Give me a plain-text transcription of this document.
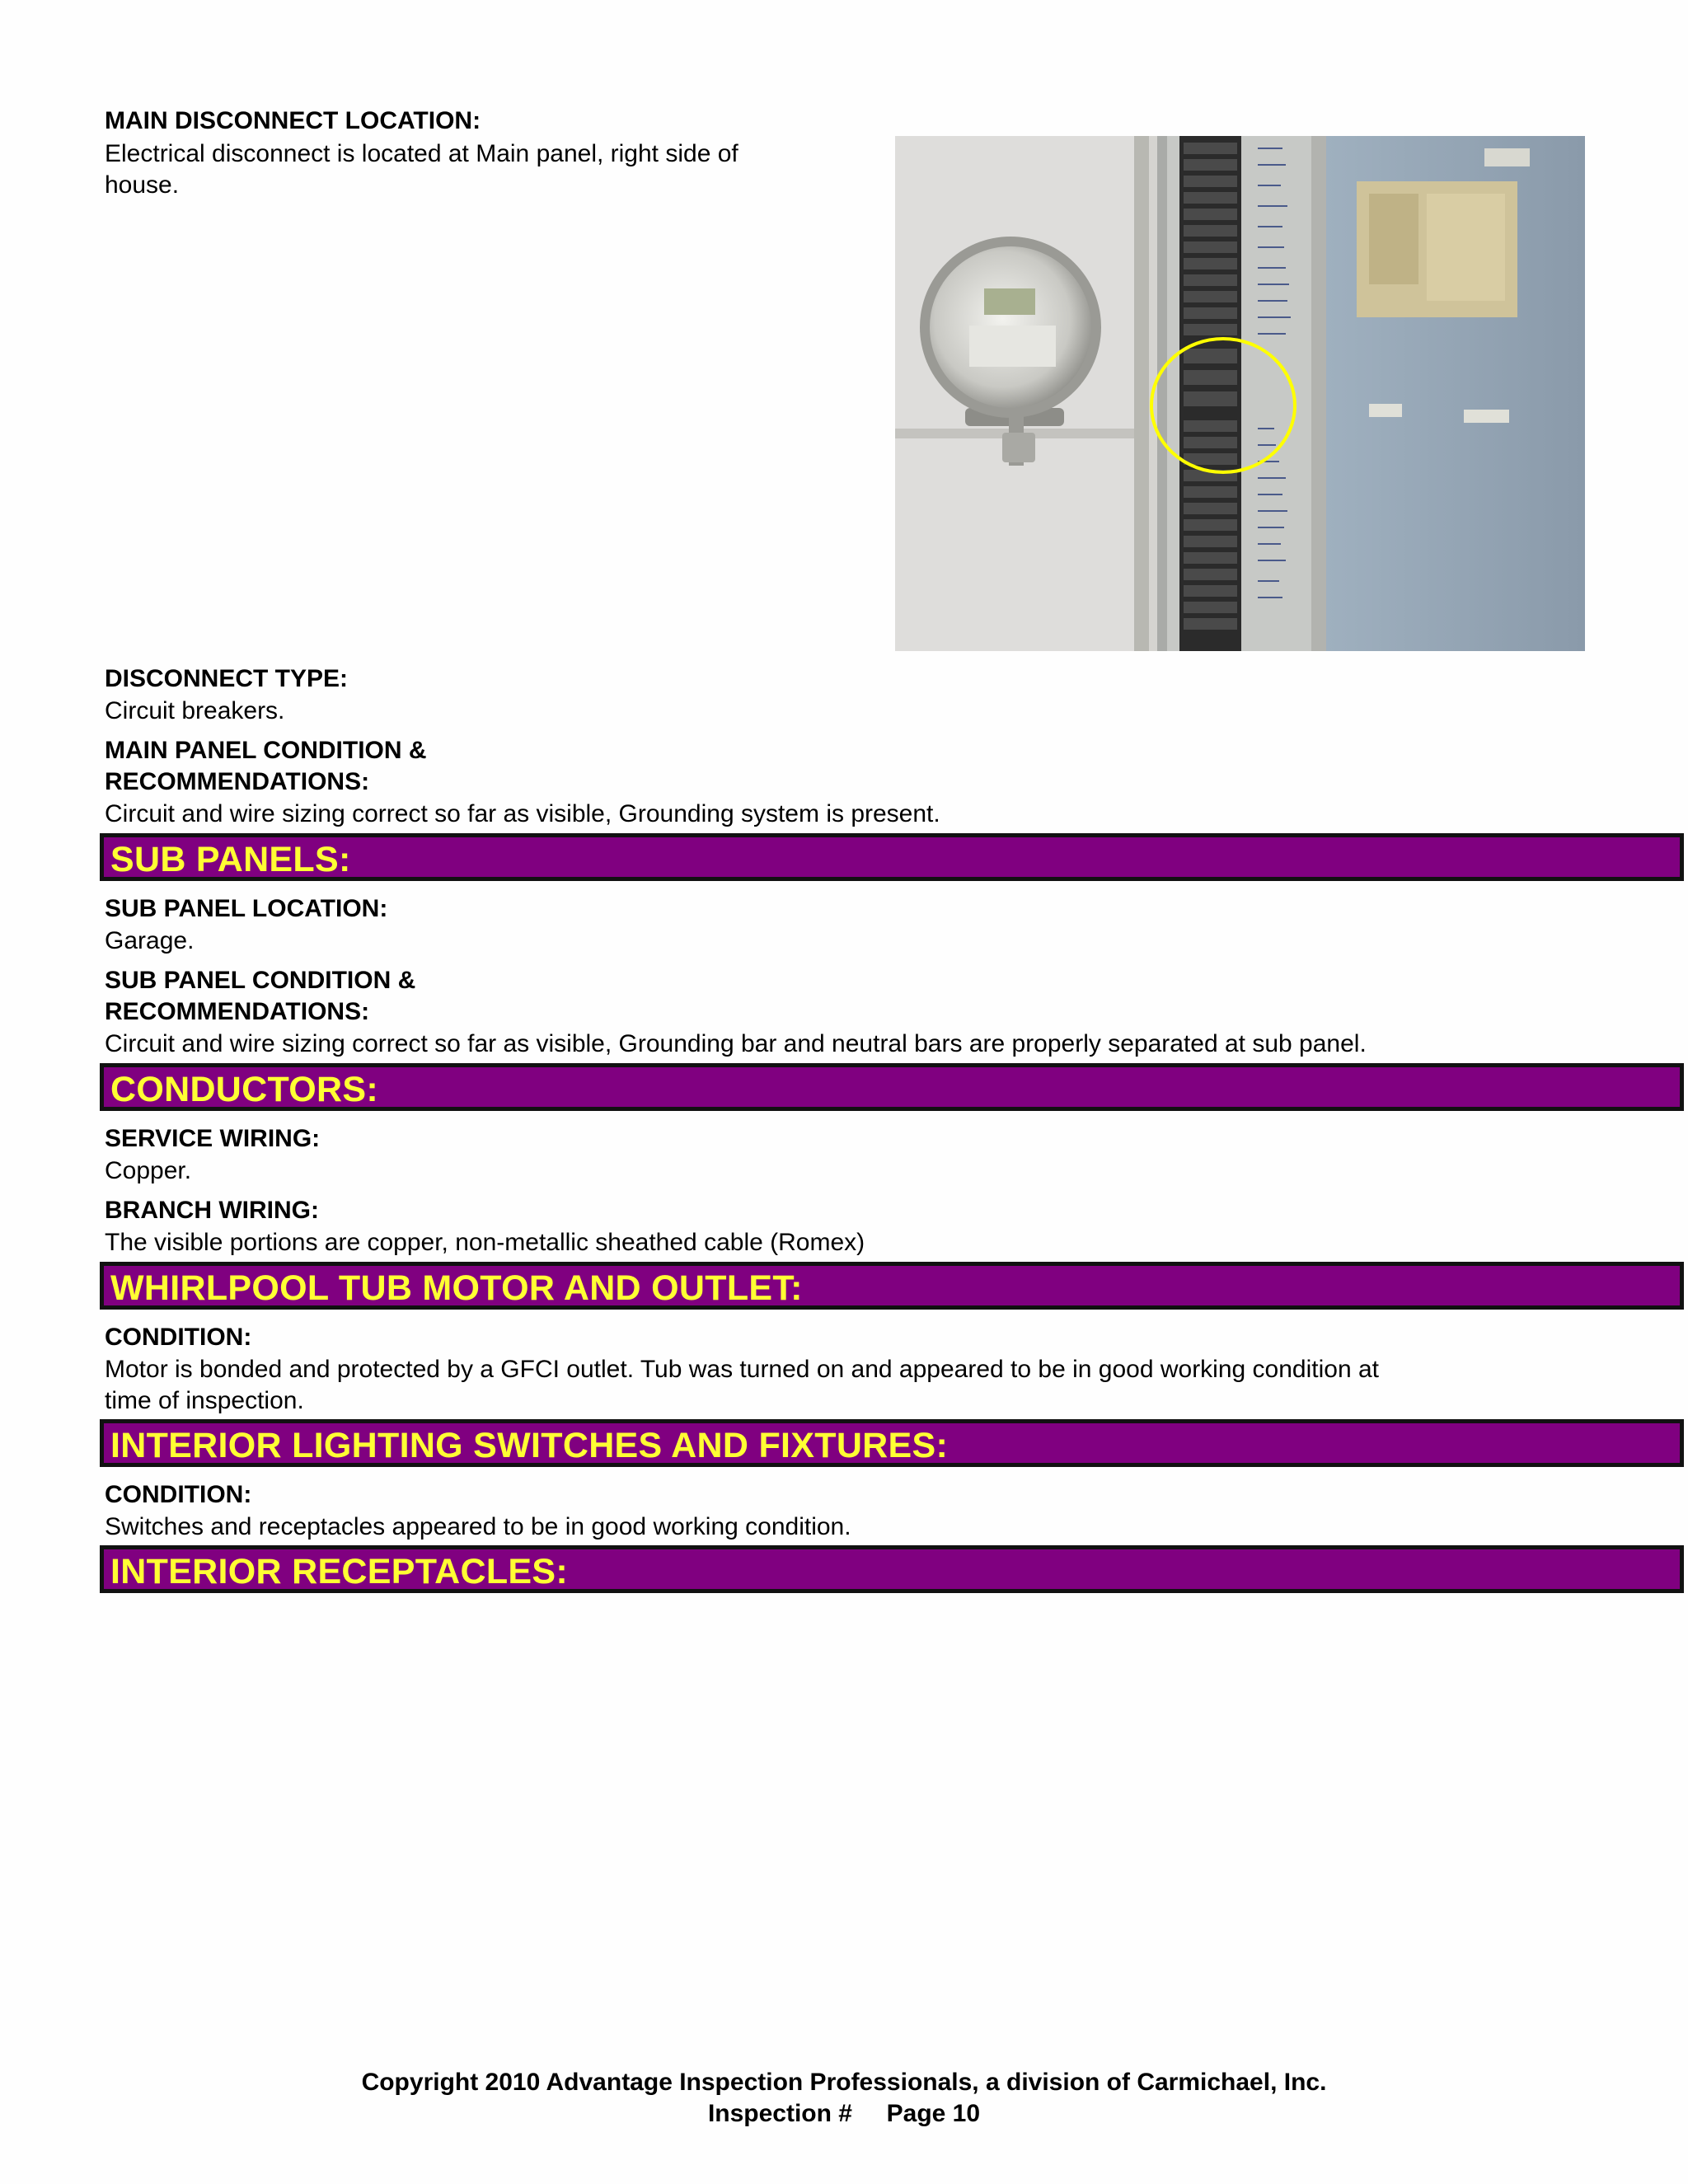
MAIN DISCONNECT LOCATION:
Electrical disconnect is located at Main panel, right side of
house.
DISCONNECT TYPE:
Circuit breakers.
MAIN PANEL CONDITION &
RECOMMENDATIONS:
Circuit and wire sizing correct so far as visible, Grounding system is present.
SUB PANELS:
SUB PANEL LOCATION:
Garage.
SUB PANEL CONDITION &
RECOMMENDATIONS:
Circuit and wire sizing correct so far as visible, Grounding bar and neutral bars are properly separated at sub panel.
CONDUCTORS:
SERVICE WIRING:
Copper.
BRANCH WIRING:
The visible portions are copper, non-metallic sheathed cable (Romex)
WHIRLPOOL TUB MOTOR AND OUTLET:
CONDITION:
Motor is bonded and protected by a GFCI outlet. Tub was turned on and appeared to be in good working condition at
time of inspection.
INTERIOR LIGHTING SWITCHES AND FIXTURES:
CONDITION:
Switches and receptacles appeared to be in good working condition.
INTERIOR RECEPTACLES:
Copyright 2010 Advantage Inspection Professionals, a division of Carmichael, Inc.
Inspection #     Page 10
